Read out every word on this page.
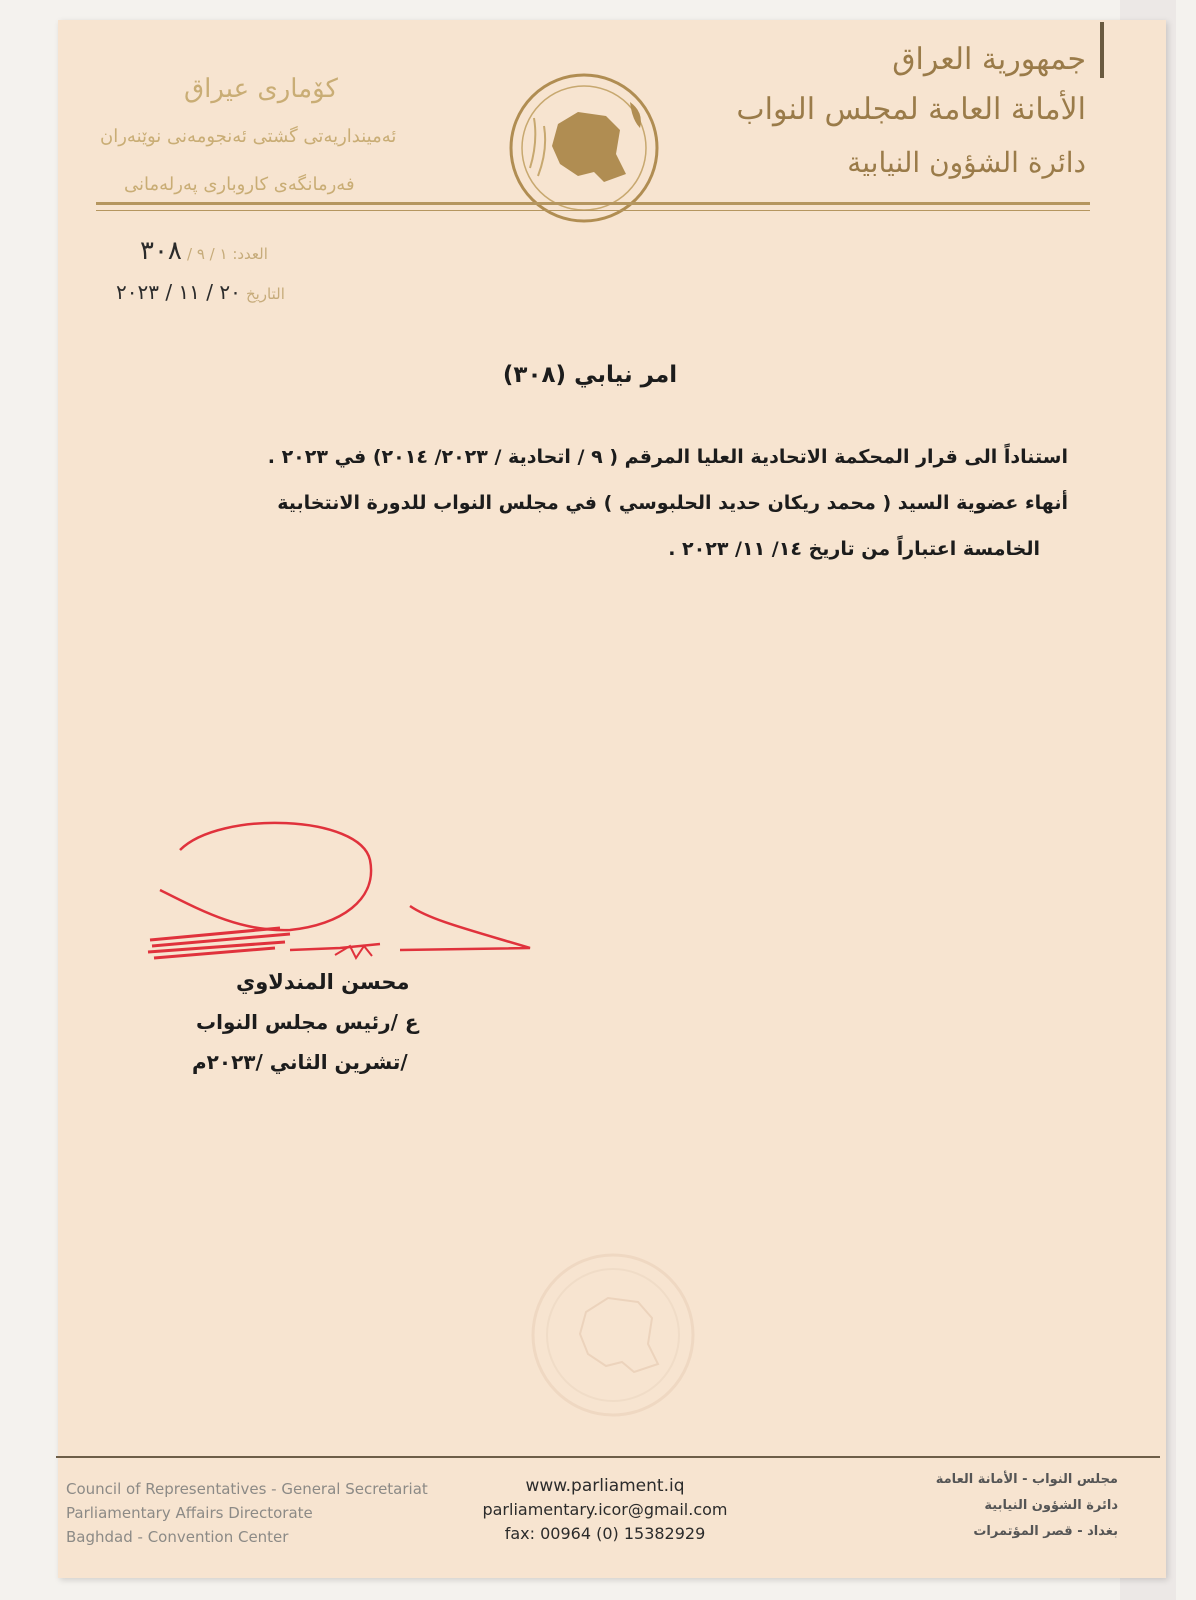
جمهورية العراق
الأمانة العامة لمجلس النواب
دائرة الشؤون النيابية
كۆماری عیراق
ئەمینداریەتی گشتی ئەنجومەنی نوێنەران
فەرمانگەی کاروباری پەرلەمانی
العدد: ١ / ٩ / ٣٠٨
التاريخ ٢٠ / ١١ / ٢٠٢٣
امر نيابي (٣٠٨)
استناداً الى قرار المحكمة الاتحادية العليا المرقم ( ٩ / اتحادية / ٢٠٢٣/ ٢٠١٤) في ٢٠٢٣ .
أنهاء عضوية السيد ( محمد ريكان حديد الحلبوسي ) في مجلس النواب للدورة الانتخابية
الخامسة اعتباراً من تاريخ ١٤/ ١١/ ٢٠٢٣ .
محسن المندلاوي
ع /رئيس مجلس النواب
/تشرين الثاني /٢٠٢٣م
Council of Representatives - General Secretariat
Parliamentary Affairs Directorate
Baghdad - Convention Center
www.parliament.iq
parliamentary.icor@gmail.com
fax: 00964 (0) 15382929
مجلس النواب - الأمانة العامة
دائرة الشؤون النيابية
بغداد - قصر المؤتمرات
